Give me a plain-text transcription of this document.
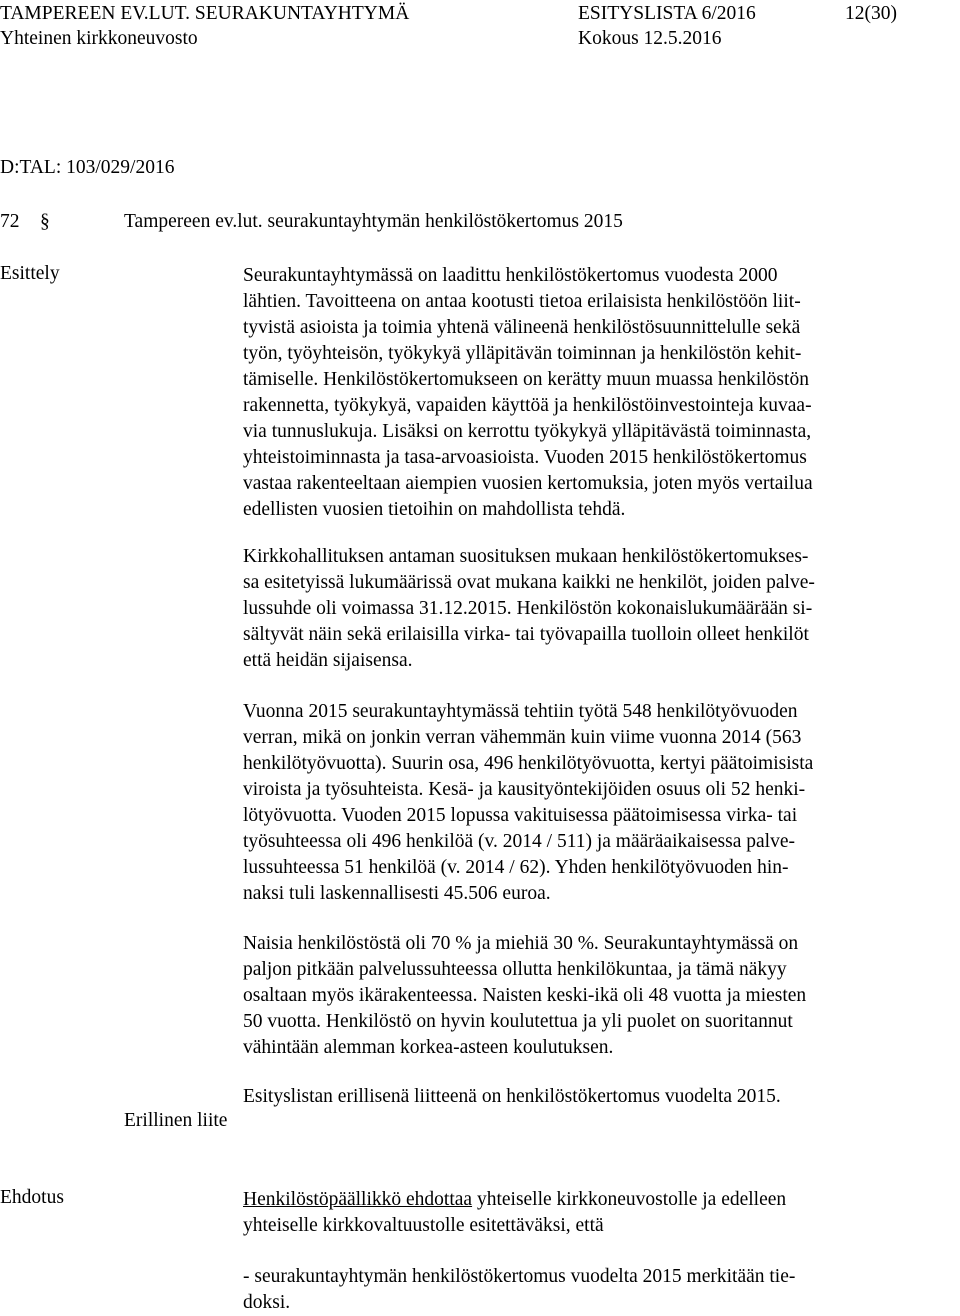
TAMPEREEN EV.LUT. SEURAKUNTAYHTYMÄ	ESITYSLISTA 6/2016	12(30)
Yhteinen kirkkoneuvosto	Kokous 12.5.2016
D:TAL: 103/029/2016
72 §	Tampereen ev.lut. seurakuntayhtymän henkilöstökertomus 2015
Esittely	Seurakuntayhtymässä on laadittu henkilöstökertomus vuodesta 2000
lähtien. Tavoitteena on antaa kootusti tietoa erilaisista henkilöstöön liit-
tyvistä asioista ja toimia yhtenä välineenä henkilöstösuunnittelulle sekä
työn, työyhteisön, työkykyä ylläpitävän toiminnan ja henkilöstön kehit-
tämiselle. Henkilöstökertomukseen on kerätty muun muassa henkilöstön
rakennetta, työkykyä, vapaiden käyttöä ja henkilöstöinvestointeja kuvaa-
via tunnuslukuja. Lisäksi on kerrottu työkykyä ylläpitävästä toiminnasta,
yhteistoiminnasta ja tasa-arvoasioista. Vuoden 2015 henkilöstökertomus
vastaa rakenteeltaan aiempien vuosien kertomuksia, joten myös vertailua
edellisten vuosien tietoihin on mahdollista tehdä.
Kirkkohallituksen antaman suosituksen mukaan henkilöstökertomukses-
sa esitetyissä lukumäärissä ovat mukana kaikki ne henkilöt, joiden palve-
lussuhde oli voimassa 31.12.2015. Henkilöstön kokonaislukumäärään si-
sältyvät näin sekä erilaisilla virka- tai työvapailla tuolloin olleet henkilöt
että heidän sijaisensa.
Vuonna 2015 seurakuntayhtymässä tehtiin työtä 548 henkilötyövuoden
verran, mikä on jonkin verran vähemmän kuin viime vuonna 2014 (563
henkilötyövuotta). Suurin osa, 496 henkilötyövuotta, kertyi päätoimisista
viroista ja työsuhteista. Kesä- ja kausityöntekijöiden osuus oli 52 henki-
lötyövuotta. Vuoden 2015 lopussa vakituisessa päätoimisessa virka- tai
työsuhteessa oli 496 henkilöä (v. 2014 / 511) ja määräaikaisessa palve-
lussuhteessa 51 henkilöä (v. 2014 / 62). Yhden henkilötyövuoden hin-
naksi tuli laskennallisesti 45.506 euroa.
Naisia henkilöstöstä oli 70 % ja miehiä 30 %. Seurakuntayhtymässä on
paljon pitkään palvelussuhteessa ollutta henkilökuntaa, ja tämä näkyy
osaltaan myös ikärakenteessa. Naisten keski-ikä oli 48 vuotta ja miesten
50 vuotta. Henkilöstö on hyvin koulutettua ja yli puolet on suoritannut
vähintään alemman korkea-asteen koulutuksen.
Esityslistan erillisenä liitteenä on henkilöstökertomus vuodelta 2015.
Erillinen liite
Ehdotus	Henkilöstöpäällikkö ehdottaa yhteiselle kirkkoneuvostolle ja edelleen
yhteiselle kirkkovaltuustolle esitettäväksi, että
- seurakuntayhtymän henkilöstökertomus vuodelta 2015 merkitään tie-
doksi.
